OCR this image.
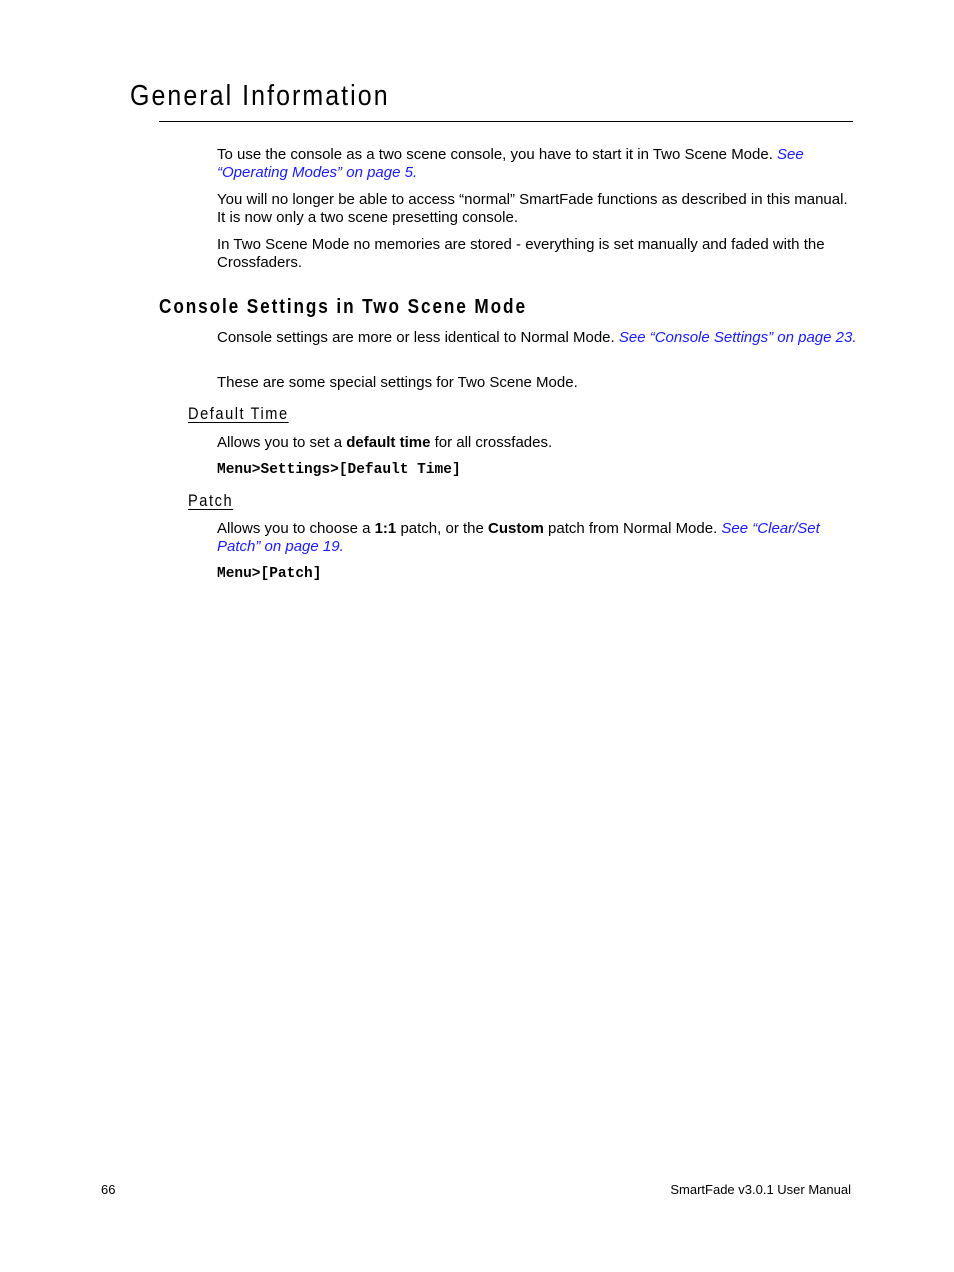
General Information

To use the console as a two scene console, you have to start it in Two Scene Mode. See “Operating Modes” on page 5.

You will no longer be able to access “normal” SmartFade functions as described in this manual. It is now only a two scene presetting console.

In Two Scene Mode no memories are stored - everything is set manually and faded with the Crossfaders.

Console Settings in Two Scene Mode

Console settings are more or less identical to Normal Mode. See “Console Settings” on page 23.

These are some special settings for Two Scene Mode.

Default Time

Allows you to set a default time for all crossfades.

Menu>Settings>[Default Time]

Patch

Allows you to choose a 1:1 patch, or the Custom patch from Normal Mode. See “Clear/Set Patch” on page 19.

Menu>[Patch]

66	SmartFade v3.0.1 User Manual
